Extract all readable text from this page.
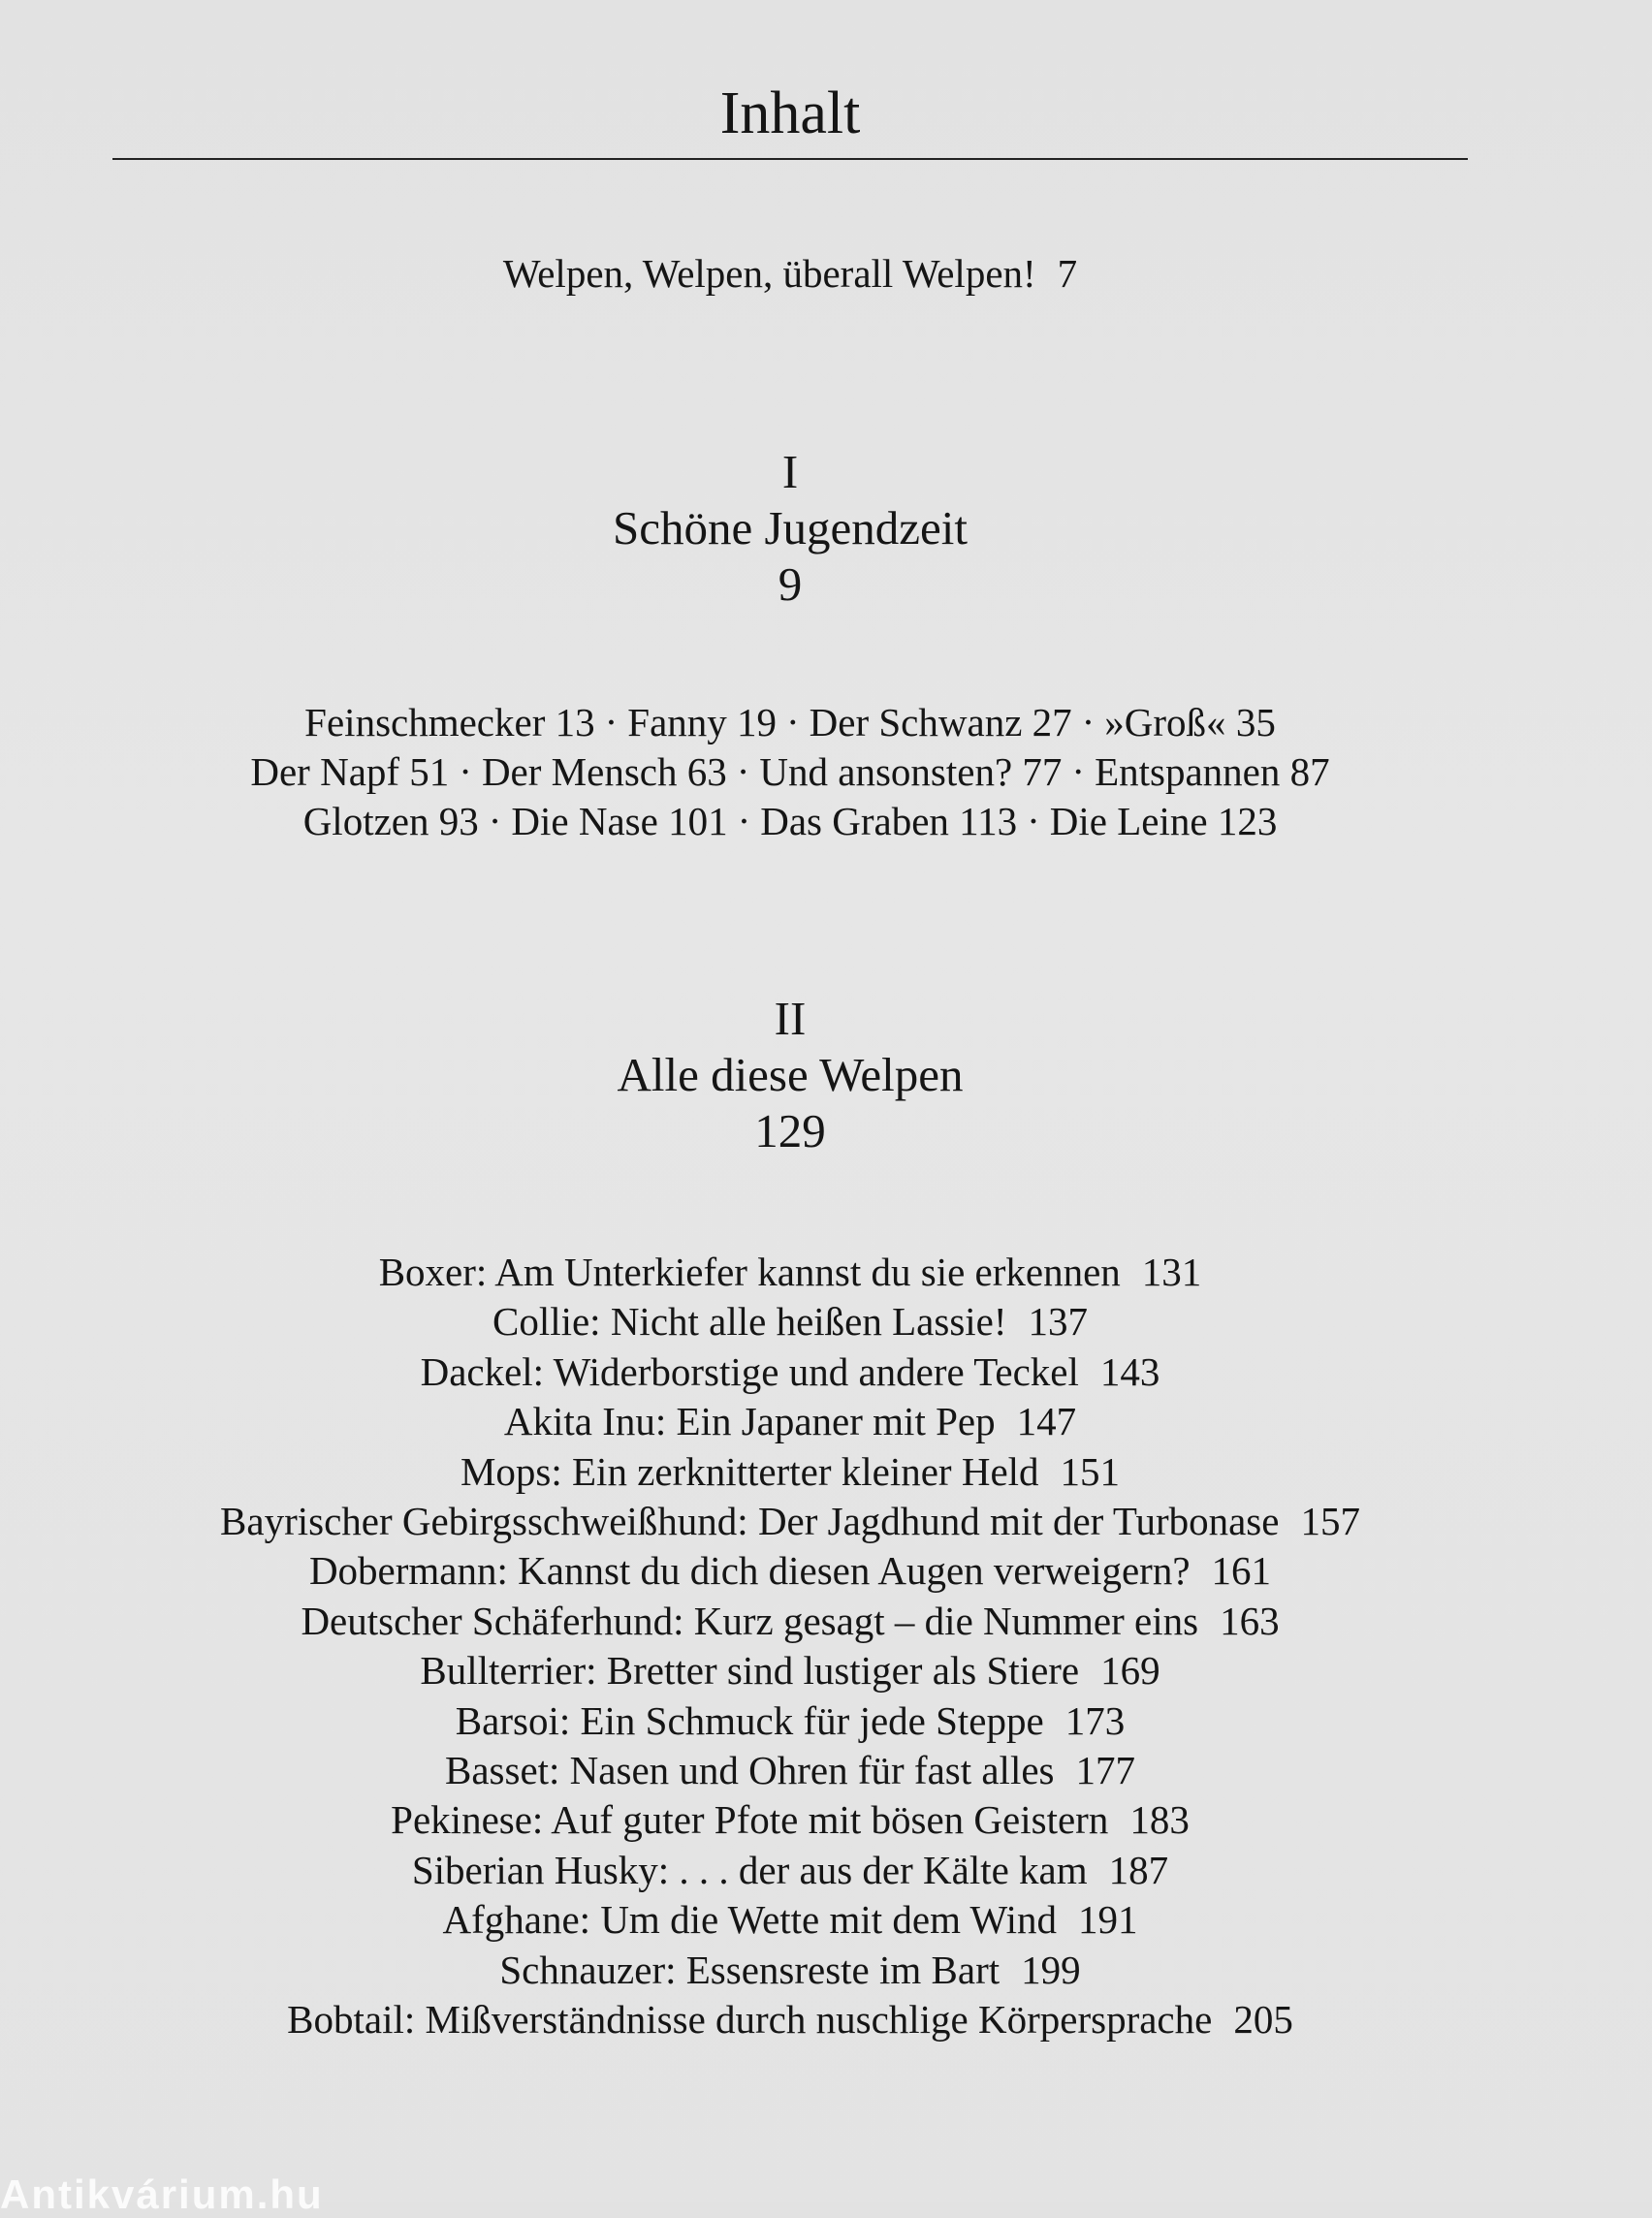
Inhalt
Welpen, Welpen, überall Welpen! 7
I
Schöne Jugendzeit
9
Feinschmecker 13 · Fanny 19 · Der Schwanz 27 · »Groß« 35
Der Napf 51 · Der Mensch 63 · Und ansonsten? 77 · Entspannen 87
Glotzen 93 · Die Nase 101 · Das Graben 113 · Die Leine 123
II
Alle diese Welpen
129
Boxer: Am Unterkiefer kannst du sie erkennen 131
Collie: Nicht alle heißen Lassie! 137
Dackel: Widerborstige und andere Teckel 143
Akita Inu: Ein Japaner mit Pep 147
Mops: Ein zerknitterter kleiner Held 151
Bayrischer Gebirgsschweißhund: Der Jagdhund mit der Turbonase 157
Dobermann: Kannst du dich diesen Augen verweigern? 161
Deutscher Schäferhund: Kurz gesagt – die Nummer eins 163
Bullterrier: Bretter sind lustiger als Stiere 169
Barsoi: Ein Schmuck für jede Steppe 173
Basset: Nasen und Ohren für fast alles 177
Pekinese: Auf guter Pfote mit bösen Geistern 183
Siberian Husky: . . . der aus der Kälte kam 187
Afghane: Um die Wette mit dem Wind 191
Schnauzer: Essensreste im Bart 199
Bobtail: Mißverständnisse durch nuschlige Körpersprache 205
Antikvárium.hu
